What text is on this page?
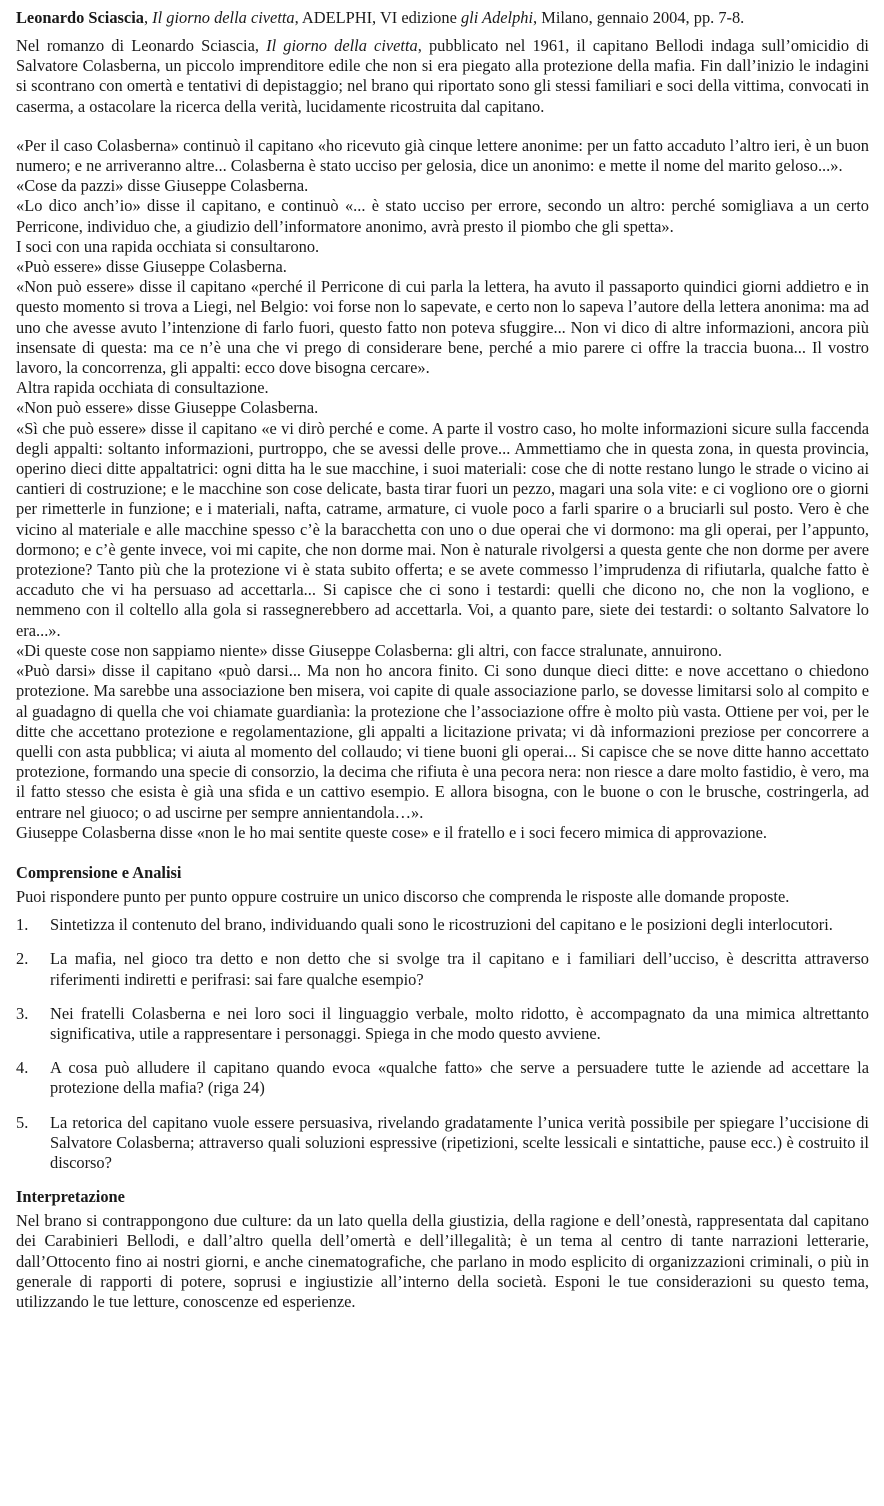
Leonardo Sciascia, Il giorno della civetta, ADELPHI, VI edizione gli Adelphi, Milano, gennaio 2004, pp. 7-8.

Nel romanzo di Leonardo Sciascia, Il giorno della civetta, pubblicato nel 1961, il capitano Bellodi indaga sull’omicidio di Salvatore Colasberna, un piccolo imprenditore edile che non si era piegato alla protezione della mafia. Fin dall’inizio le indagini si scontrano con omertà e tentativi di depistaggio; nel brano qui riportato sono gli stessi familiari e soci della vittima, convocati in caserma, a ostacolare la ricerca della verità, lucidamente ricostruita dal capitano.

«Per il caso Colasberna» continuò il capitano «ho ricevuto già cinque lettere anonime: per un fatto accaduto l’altro ieri, è un buon numero; e ne arriveranno altre... Colasberna è stato ucciso per gelosia, dice un anonimo: e mette il nome del marito geloso...».

«Cose da pazzi» disse Giuseppe Colasberna.

«Lo dico anch’io» disse il capitano, e continuò «... è stato ucciso per errore, secondo un altro: perché somigliava a un certo Perricone, individuo che, a giudizio dell’informatore anonimo, avrà presto il piombo che gli spetta».

I soci con una rapida occhiata si consultarono.

«Può essere» disse Giuseppe Colasberna.

«Non può essere» disse il capitano «perché il Perricone di cui parla la lettera, ha avuto il passaporto quindici giorni addietro e in questo momento si trova a Liegi, nel Belgio: voi forse non lo sapevate, e certo non lo sapeva l’autore della lettera anonima: ma ad uno che avesse avuto l’intenzione di farlo fuori, questo fatto non poteva sfuggire... Non vi dico di altre informazioni, ancora più insensate di questa: ma ce n’è una che vi prego di considerare bene, perché a mio parere ci offre la traccia buona... Il vostro lavoro, la concorrenza, gli appalti: ecco dove bisogna cercare».

Altra rapida occhiata di consultazione.

«Non può essere» disse Giuseppe Colasberna.

«Sì che può essere» disse il capitano «e vi dirò perché e come. A parte il vostro caso, ho molte informazioni sicure sulla faccenda degli appalti: soltanto informazioni, purtroppo, che se avessi delle prove... Ammettiamo che in questa zona, in questa provincia, operino dieci ditte appaltatrici: ogni ditta ha le sue macchine, i suoi materiali: cose che di notte restano lungo le strade o vicino ai cantieri di costruzione; e le macchine son cose delicate, basta tirar fuori un pezzo, magari una sola vite: e ci vogliono ore o giorni per rimetterle in funzione; e i materiali, nafta, catrame, armature, ci vuole poco a farli sparire o a bruciarli sul posto. Vero è che vicino al materiale e alle macchine spesso c’è la baracchetta con uno o due operai che vi dormono: ma gli operai, per l’appunto, dormono; e c’è gente invece, voi mi capite, che non dorme mai. Non è naturale rivolgersi a questa gente che non dorme per avere protezione? Tanto più che la protezione vi è stata subito offerta; e se avete commesso l’imprudenza di rifiutarla, qualche fatto è accaduto che vi ha persuaso ad accettarla... Si capisce che ci sono i testardi: quelli che dicono no, che non la vogliono, e nemmeno con il coltello alla gola si rassegnerebbero ad accettarla. Voi, a quanto pare, siete dei testardi: o soltanto Salvatore lo era...».

«Di queste cose non sappiamo niente» disse Giuseppe Colasberna: gli altri, con facce stralunate, annuirono.

«Può darsi» disse il capitano «può darsi... Ma non ho ancora finito. Ci sono dunque dieci ditte: e nove accettano o chiedono protezione. Ma sarebbe una associazione ben misera, voi capite di quale associazione parlo, se dovesse limitarsi solo al compito e al guadagno di quella che voi chiamate guardianìa: la protezione che l’associazione offre è molto più vasta. Ottiene per voi, per le ditte che accettano protezione e regolamentazione, gli appalti a licitazione privata; vi dà informazioni preziose per concorrere a quelli con asta pubblica; vi aiuta al momento del collaudo; vi tiene buoni gli operai... Si capisce che se nove ditte hanno accettato protezione, formando una specie di consorzio, la decima che rifiuta è una pecora nera: non riesce a dare molto fastidio, è vero, ma il fatto stesso che esista è già una sfida e un cattivo esempio. E allora bisogna, con le buone o con le brusche, costringerla, ad entrare nel giuoco; o ad uscirne per sempre annientandola…».

Giuseppe Colasberna disse «non le ho mai sentite queste cose» e il fratello e i soci fecero mimica di approvazione.

Comprensione e Analisi

Puoi rispondere punto per punto oppure costruire un unico discorso che comprenda le risposte alle domande proposte.

1.	Sintetizza il contenuto del brano, individuando quali sono le ricostruzioni del capitano e le posizioni degli interlocutori.
2.	La mafia, nel gioco tra detto e non detto che si svolge tra il capitano e i familiari dell’ucciso, è descritta attraverso riferimenti indiretti e perifrasi: sai fare qualche esempio?
3.	Nei fratelli Colasberna e nei loro soci il linguaggio verbale, molto ridotto, è accompagnato da una mimica altrettanto significativa, utile a rappresentare i personaggi. Spiega in che modo questo avviene.
4.	A cosa può alludere il capitano quando evoca «qualche fatto» che serve a persuadere tutte le aziende ad accettare la protezione della mafia? (riga 24)
5.	La retorica del capitano vuole essere persuasiva, rivelando gradatamente l’unica verità possibile per spiegare l’uccisione di Salvatore Colasberna; attraverso quali soluzioni espressive (ripetizioni, scelte lessicali e sintattiche, pause ecc.) è costruito il discorso?
Interpretazione

Nel brano si contrappongono due culture: da un lato quella della giustizia, della ragione e dell’onestà, rappresentata dal capitano dei Carabinieri Bellodi, e dall’altro quella dell’omertà e dell’illegalità; è un tema al centro di tante narrazioni letterarie, dall’Ottocento fino ai nostri giorni, e anche cinematografiche, che parlano in modo esplicito di organizzazioni criminali, o più in generale di rapporti di potere, soprusi e ingiustizie all’interno della società. Esponi le tue considerazioni su questo tema, utilizzando le tue letture, conoscenze ed esperienze.
